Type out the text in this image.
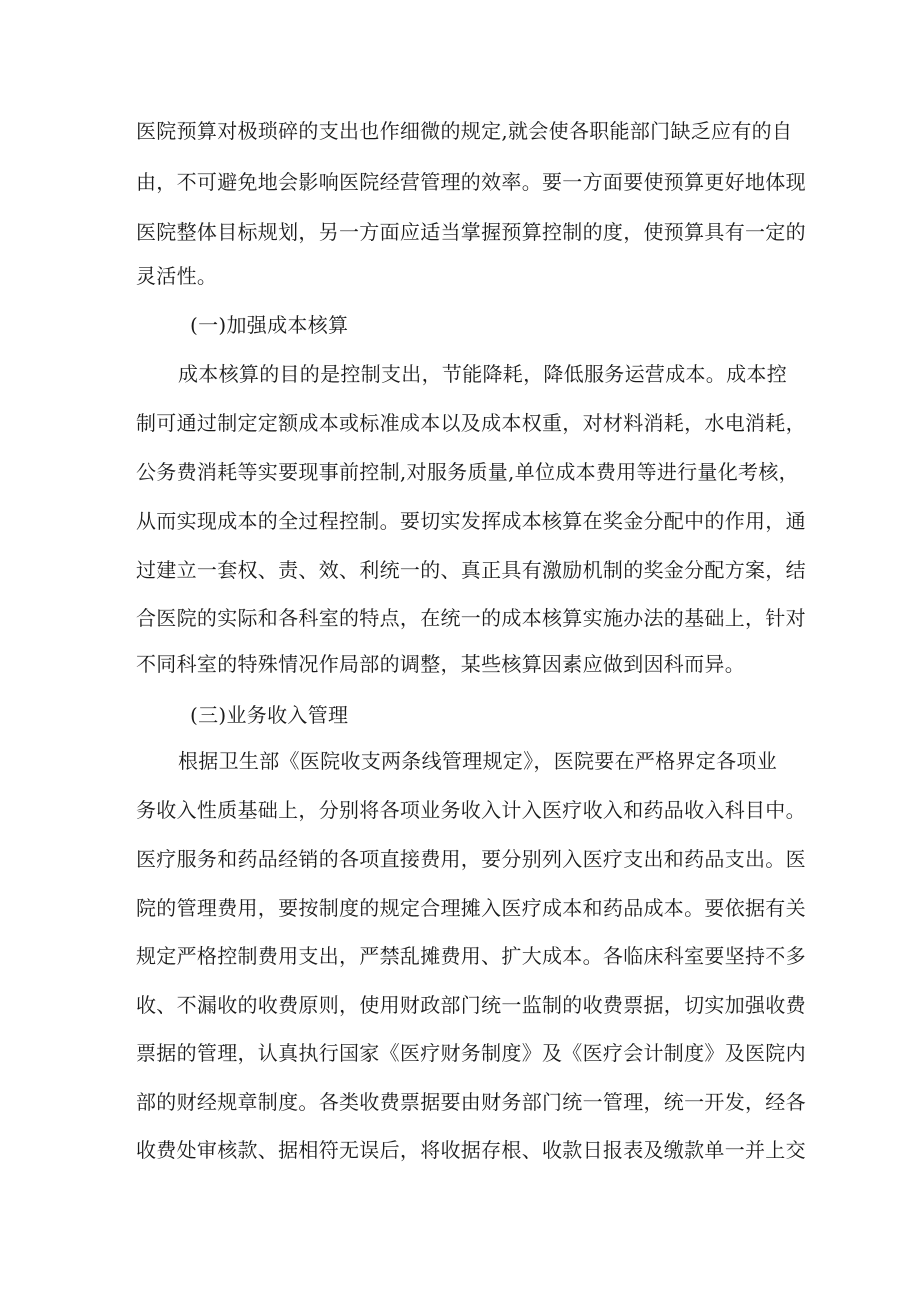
医院预算对极琐碎的支出也作细微的规定,就会使各职能部门缺乏应有的自
由，不可避免地会影响医院经营管理的效率。要一方面要使预算更好地体现
医院整体目标规划，另一方面应适当掌握预算控制的度，使预算具有一定的
灵活性。
(一)加强成本核算
成本核算的目的是控制支出，节能降耗，降低服务运营成本。成本控
制可通过制定定额成本或标准成本以及成本权重，对材料消耗，水电消耗，
公务费消耗等实要现事前控制,对服务质量,单位成本费用等进行量化考核，
从而实现成本的全过程控制。要切实发挥成本核算在奖金分配中的作用，通
过建立一套权、责、效、利统一的、真正具有激励机制的奖金分配方案，结
合医院的实际和各科室的特点，在统一的成本核算实施办法的基础上，针对
不同科室的特殊情况作局部的调整，某些核算因素应做到因科而异。
(三)业务收入管理
根据卫生部《医院收支两条线管理规定》，医院要在严格界定各项业
务收入性质基础上，分别将各项业务收入计入医疗收入和药品收入科目中。
医疗服务和药品经销的各项直接费用，要分别列入医疗支出和药品支出。医
院的管理费用，要按制度的规定合理摊入医疗成本和药品成本。要依据有关
规定严格控制费用支出，严禁乱摊费用、扩大成本。各临床科室要坚持不多
收、不漏收的收费原则，使用财政部门统一监制的收费票据，切实加强收费
票据的管理，认真执行国家《医疗财务制度》及《医疗会计制度》及医院内
部的财经规章制度。各类收费票据要由财务部门统一管理，统一开发，经各
收费处审核款、据相符无误后，将收据存根、收款日报表及缴款单一并上交
